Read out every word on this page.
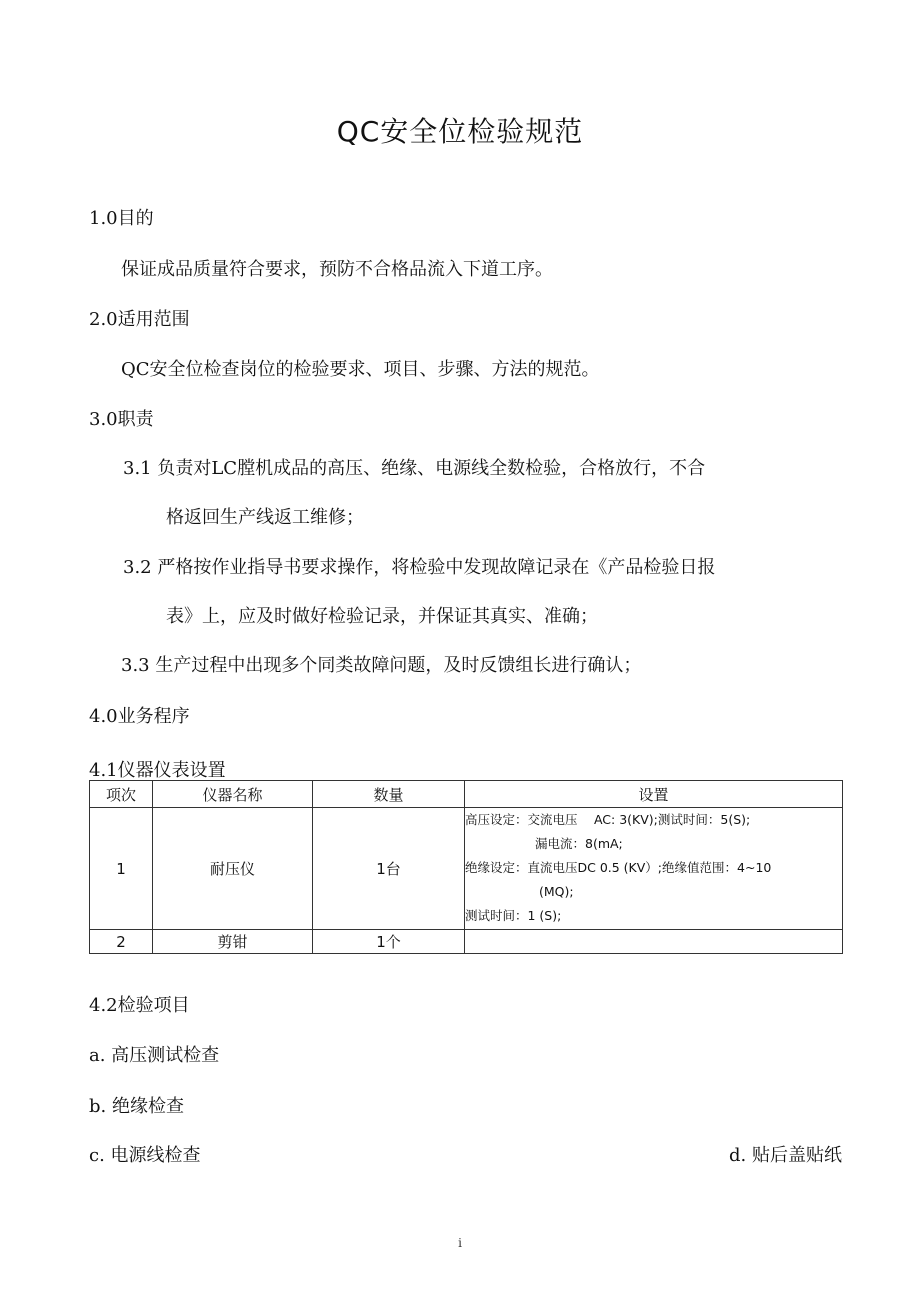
QC安全位检验规范
1.0目的
保证成品质量符合要求，预防不合格品流入下道工序。
2.0适用范围
QC安全位检查岗位的检验要求、项目、步骤、方法的规范。
3.0职责
3.1 负责对LC膛机成品的高压、绝缘、电源线全数检验，合格放行，不合
格返回生产线返工维修；
3.2 严格按作业指导书要求操作，将检验中发现故障记录在《产品检验日报
表》上，应及时做好检验记录，并保证其真实、准确；
3.3 生产过程中出现多个同类故障问题，及时反馈组长进行确认；
4.0业务程序
4.1仪器仪表设置
项次	仪器名称	数量	设置
1	耐压仪	1台	高压设定：交流电压　 AC: 3(KV);测试时间：5(S);
漏电流：8(mA;
绝缘设定：直流电压DC 0.5 (KV）;绝缘值范围：4~10
(MQ);
测试时间：1 (S);

2	剪钳	1个	
4.2检验项目
a. 高压测试检查
b. 绝缘检查
c. 电源线检查	d. 贴后盖贴纸
i
